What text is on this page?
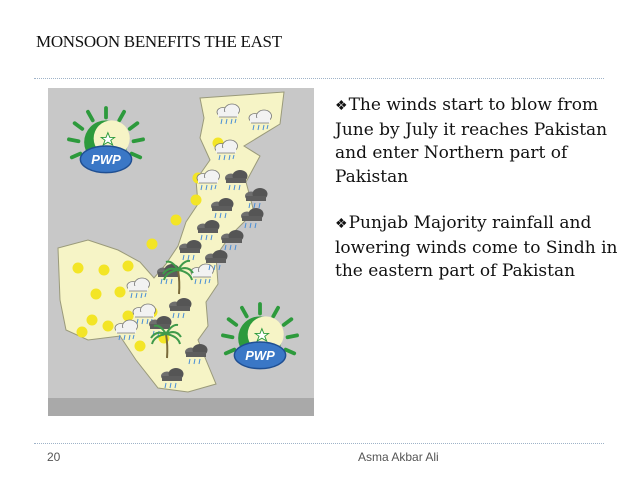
MONSOON BENEFITS THE EAST
PWP
PWP

❖The winds start to blow from June by July it reaches Pakistan and enter Northern part of Pakistan

❖Punjab Majority rainfall and lowering winds come to Sindh in the eastern part of Pakistan

20	Asma Akbar Ali
